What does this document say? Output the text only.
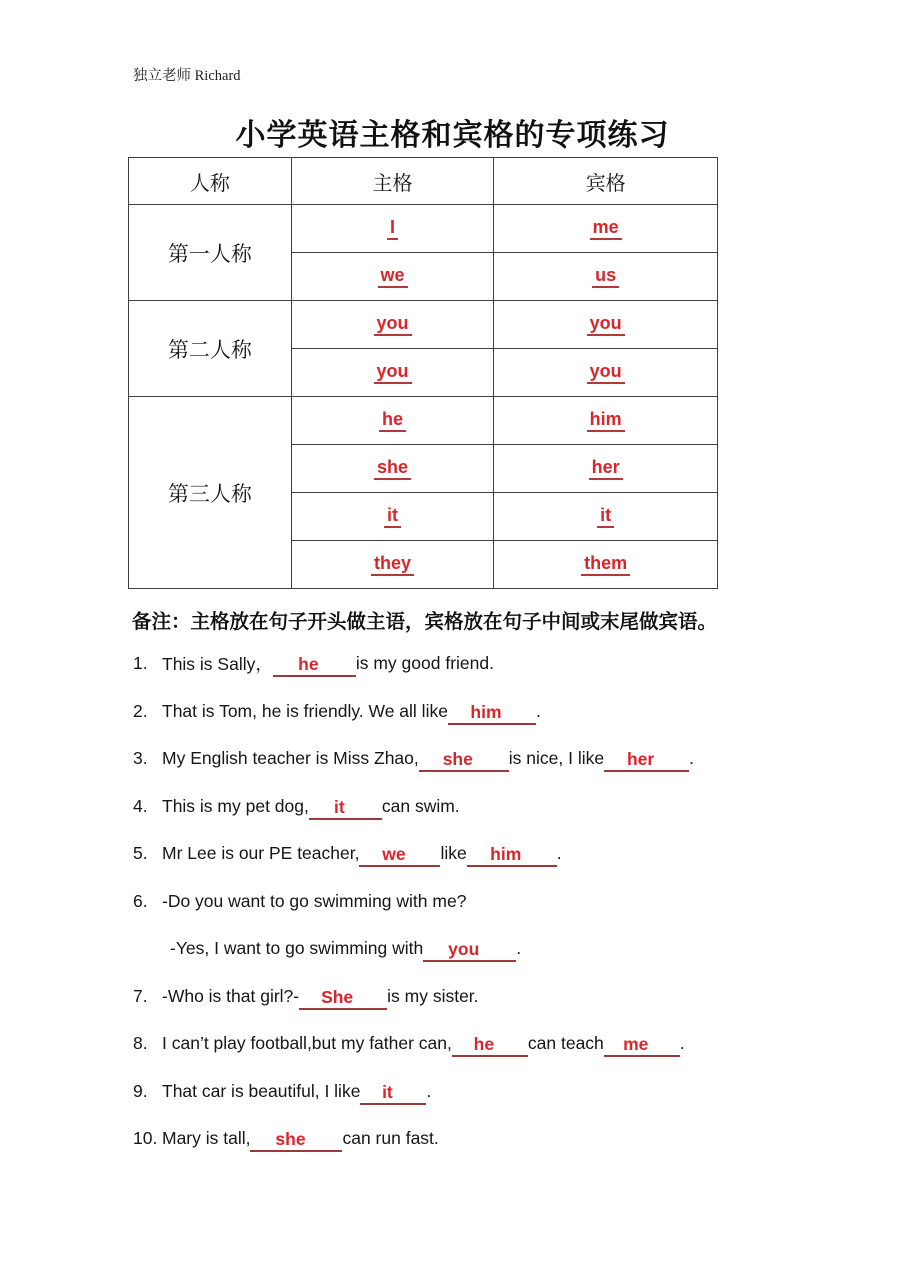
独立老师 Richard
小学英语主格和宾格的专项练习
人称	主格	宾格
第一人称	I	me
	we	us
第二人称	you	you
	you	you
第三人称	he	him
	she	her
	it	it
	they	them
备注：主格放在句子开头做主语，宾格放在句子中间或末尾做宾语。
1. This is Sally，	he	is my good friend.
2. That is Tom, he is friendly. We all like	him	.
3. My English teacher is Miss Zhao,	she	is nice, I like	her	.
4. This is my pet dog,	it	can swim.
5. Mr Lee is our PE teacher,	we	like	him	.
6. -Do you want to go swimming with me?
-Yes, I want to go swimming with	you	.
7. -Who is that girl?-	She	is my sister.
8. I can’t play football,but my father can,	he	can teach	me	.
9. That car is beautiful, I like	it	.
10. Mary is tall,	she	can run fast.
